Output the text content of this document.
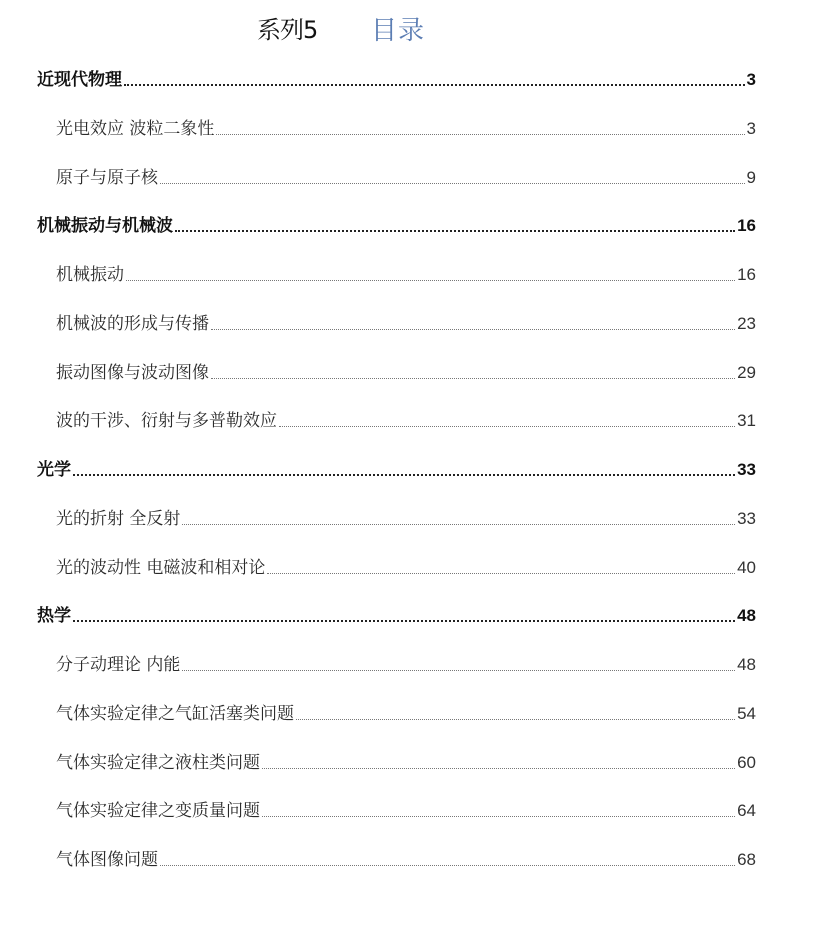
系列5 目录
近现代物理	3
光电效应 波粒二象性	3
原子与原子核	9
机械振动与机械波	16
机械振动	16
机械波的形成与传播	23
振动图像与波动图像	29
波的干涉、衍射与多普勒效应	31
光学	33
光的折射 全反射	33
光的波动性 电磁波和相对论	40
热学	48
分子动理论 内能	48
气体实验定律之气缸活塞类问题	54
气体实验定律之液柱类问题	60
气体实验定律之变质量问题	64
气体图像问题	68
